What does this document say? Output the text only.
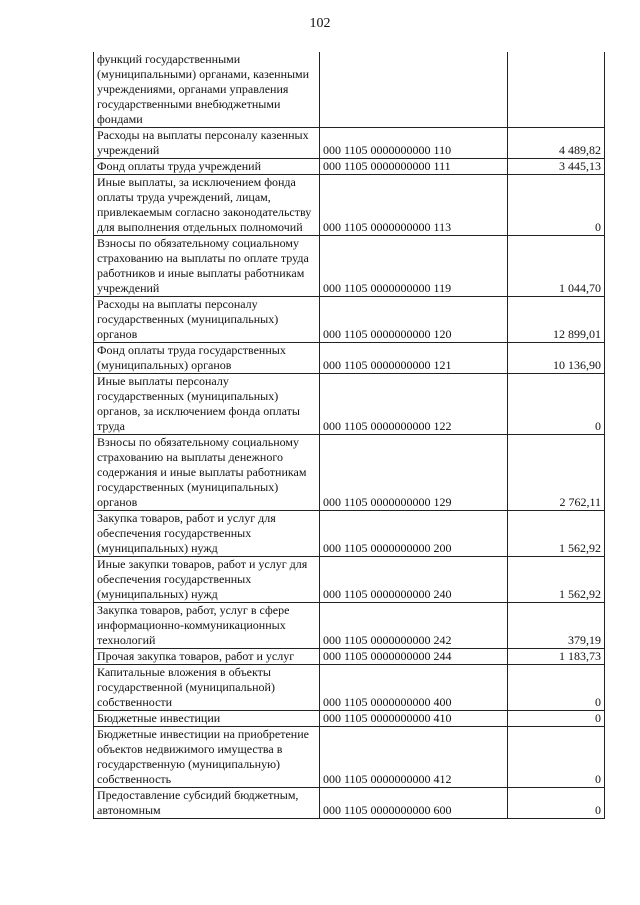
102
функций государственными (муниципальными) органами, казенными учреждениями, органами управления государственными внебюджетными фондами		
Расходы на выплаты персоналу казенных учреждений	000 1105 0000000000 110	4 489,82
Фонд оплаты труда учреждений	000 1105 0000000000 111	3 445,13
Иные выплаты, за исключением фонда оплаты труда учреждений, лицам, привлекаемым согласно законодательству для выполнения отдельных полномочий	000 1105 0000000000 113	0
Взносы по обязательному социальному страхованию на выплаты по оплате труда работников и иные выплаты работникам учреждений	000 1105 0000000000 119	1 044,70
Расходы на выплаты персоналу государственных (муниципальных) органов	000 1105 0000000000 120	12 899,01
Фонд оплаты труда государственных (муниципальных) органов	000 1105 0000000000 121	10 136,90
Иные выплаты персоналу государственных (муниципальных) органов, за исключением фонда оплаты труда	000 1105 0000000000 122	0
Взносы по обязательному социальному страхованию на выплаты денежного содержания и иные выплаты работникам государственных (муниципальных) органов	000 1105 0000000000 129	2 762,11
Закупка товаров, работ и услуг для обеспечения государственных (муниципальных) нужд	000 1105 0000000000 200	1 562,92
Иные закупки товаров, работ и услуг для обеспечения государственных (муниципальных) нужд	000 1105 0000000000 240	1 562,92
Закупка товаров, работ, услуг в сфере информационно-коммуникационных технологий	000 1105 0000000000 242	379,19
Прочая закупка товаров, работ и услуг	000 1105 0000000000 244	1 183,73
Капитальные вложения в объекты государственной (муниципальной) собственности	000 1105 0000000000 400	0
Бюджетные инвестиции	000 1105 0000000000 410	0
Бюджетные инвестиции на приобретение объектов недвижимого имущества в государственную (муниципальную) собственность	000 1105 0000000000 412	0
Предоставление субсидий бюджетным, автономным	000 1105 0000000000 600	0
